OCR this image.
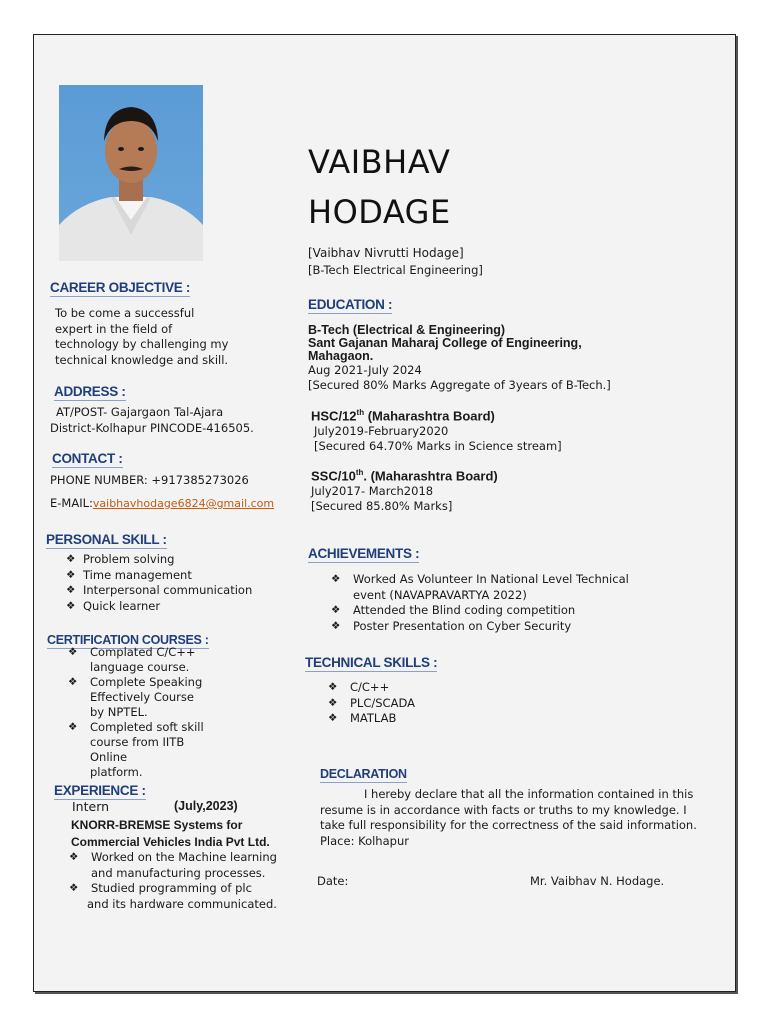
VAIBHAV
HODAGE
[Vaibhav Nivrutti Hodage]
[B-Tech Electrical Engineering]
CAREER OBJECTIVE :
To be come a successful
expert in the field of
technology by challenging my
technical knowledge and skill.
ADDRESS :
AT/POST- Gajargaon Tal-Ajara
District-Kolhapur PINCODE-416505.
CONTACT :
PHONE NUMBER: +917385273026
E-MAIL:vaibhavhodage6824@gmail.com
PERSONAL SKILL :
❖ Problem solving
❖ Time management
❖ Interpersonal communication
❖ Quick learner
CERTIFICATION COURSES :
❖ Complated C/C++
language course.
❖ Complete Speaking
Effectively Course
by NPTEL.
❖ Completed soft skill
course from IITB Online
platform.
EXPERIENCE :
Intern	(July,2023)
KNORR-BREMSE Systems for
Commercial Vehicles India Pvt Ltd.
❖ Worked on the Machine learning
and manufacturing processes.
❖ Studied programming of plc
and its hardware communicated.
EDUCATION :
B-Tech (Electrical & Engineering)
Sant Gajanan Maharaj College of Engineering,
Mahagaon.
Aug 2021-July 2024
[Secured 80% Marks Aggregate of 3years of B-Tech.]
HSC/12th (Maharashtra Board)
July2019-February2020
[Secured 64.70% Marks in Science stream]
SSC/10th. (Maharashtra Board)
July2017- March2018
[Secured 85.80% Marks]
ACHIEVEMENTS :
❖ Worked As Volunteer In National Level Technical
event (NAVAPRAVARTYA 2022)
❖ Attended the Blind coding competition
❖ Poster Presentation on Cyber Security
TECHNICAL SKILLS :
❖ C/C++
❖ PLC/SCADA
❖ MATLAB
DECLARATION
I hereby declare that all the information contained in this
resume is in accordance with facts or truths to my knowledge. I
take full responsibility for the correctness of the said information.
Place: Kolhapur
Date:	Mr. Vaibhav N. Hodage.
